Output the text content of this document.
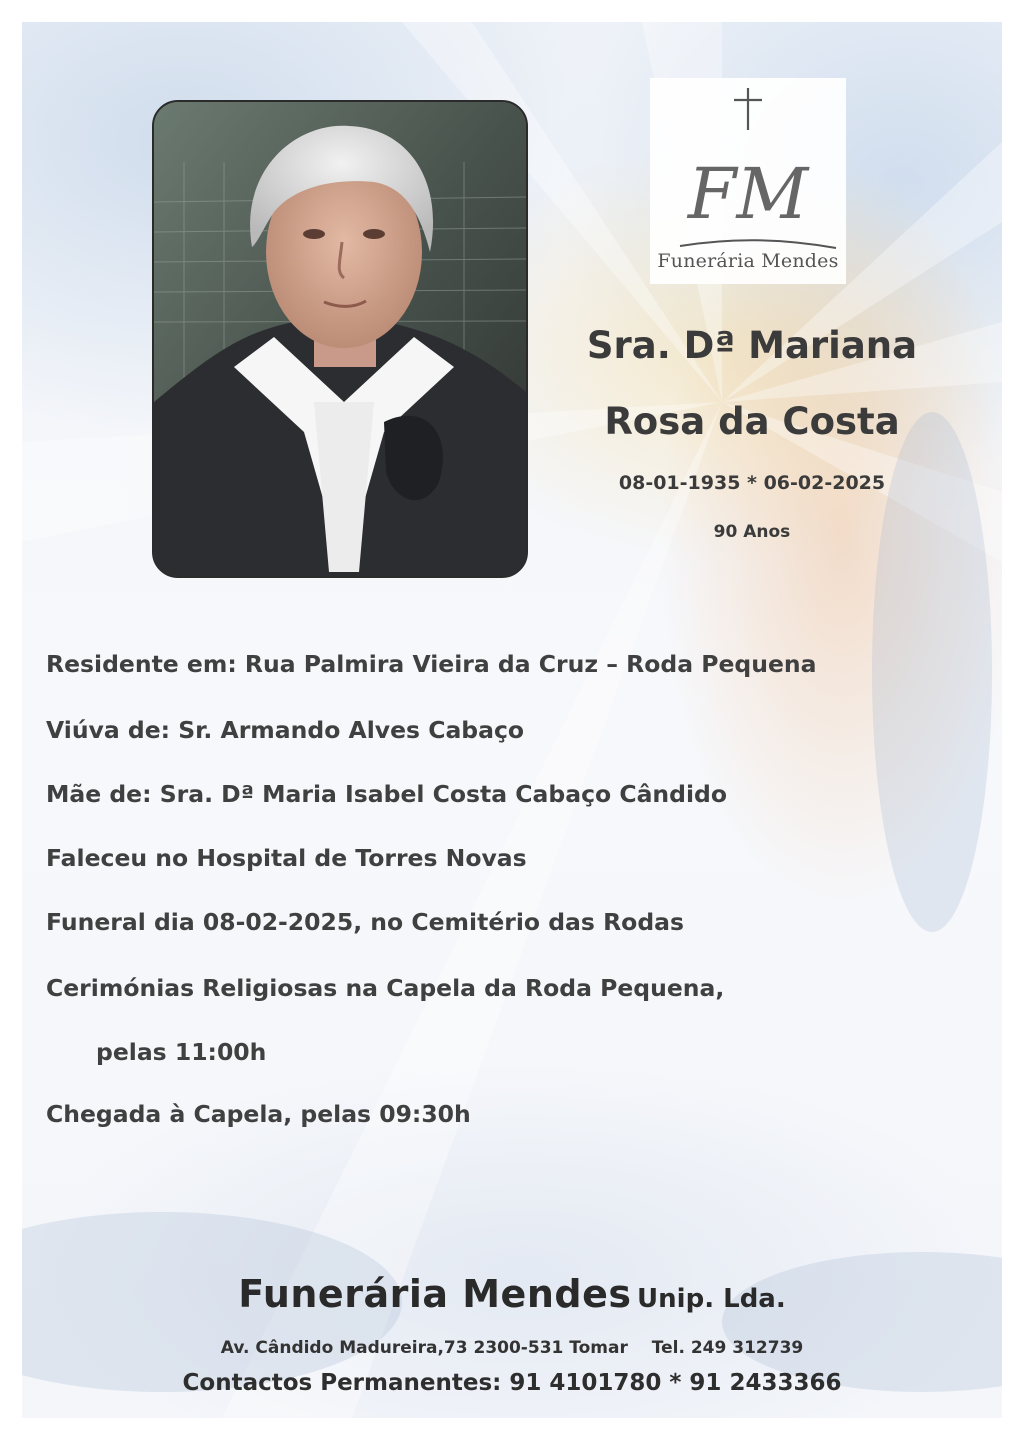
FM
Funerária Mendes
Sra. Dª Mariana
Rosa da Costa
08-01-1935 * 06-02-2025
90 Anos
Residente em: Rua Palmira Vieira da Cruz – Roda Pequena
Viúva de: Sr. Armando Alves Cabaço
Mãe de: Sra. Dª Maria Isabel Costa Cabaço Cândido
Faleceu no Hospital de Torres Novas
Funeral dia 08-02-2025, no Cemitério das Rodas
Cerimónias Religiosas na Capela da Roda Pequena,
pelas 11:00h
Chegada à Capela, pelas 09:30h
Funerária Mendes Unip. Lda.
Av. Cândido Madureira,73 2300-531 Tomar Tel. 249 312739
Contactos Permanentes: 91 4101780 * 91 2433366
